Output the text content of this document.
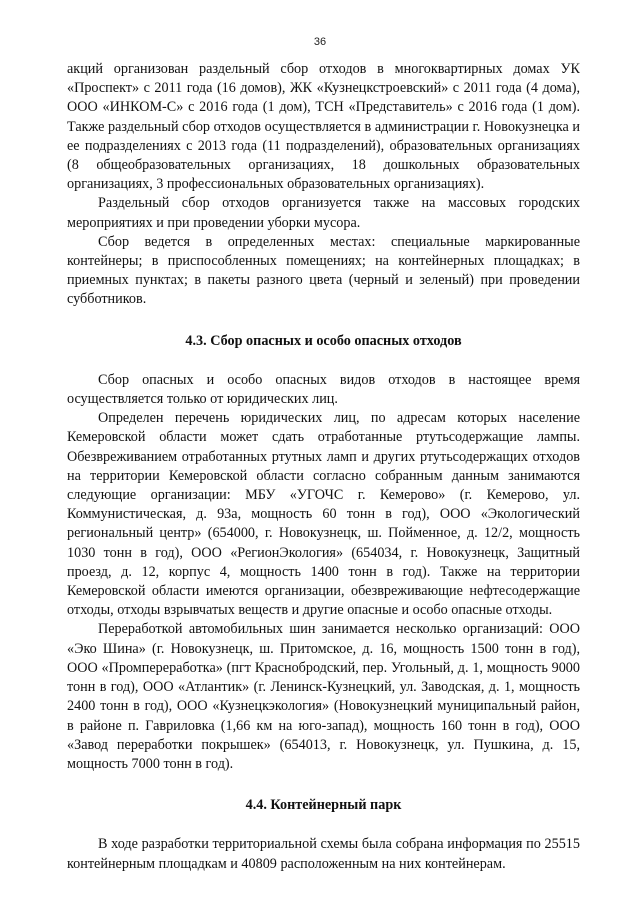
36

акций организован раздельный сбор отходов в многоквартирных домах УК «Проспект» с 2011 года (16 домов), ЖК «Кузнецкстроевский» с 2011 года (4 дома), ООО «ИНКОМ-С» с 2016 года (1 дом), ТСН «Представитель» с 2016 года (1 дом). Также раздельный сбор отходов осуществляется в администрации г. Новокузнецка и ее подразделениях с 2013 года (11 подразделений), образовательных организациях (8 общеобразовательных организациях, 18 дошкольных образовательных организациях, 3 профессиональных образовательных организациях).

Раздельный сбор отходов организуется также на массовых городских мероприятиях и при проведении уборки мусора.

Сбор ведется в определенных местах: специальные маркированные контейнеры; в приспособленных помещениях; на контейнерных площадках; в приемных пунктах; в пакеты разного цвета (черный и зеленый) при проведении субботников.

4.3. Сбор опасных и особо опасных отходов

Сбор опасных и особо опасных видов отходов в настоящее время осуществляется только от юридических лиц.

Определен перечень юридических лиц, по адресам которых население Кемеровской области может сдать отработанные ртутьсодержащие лампы. Обезвреживанием отработанных ртутных ламп и других ртутьсодержащих отходов на территории Кемеровской области согласно собранным данным занимаются следующие организации: МБУ «УГОЧС г. Кемерово» (г. Кемерово, ул. Коммунистическая, д. 93а, мощность 60 тонн в год), ООО «Экологический региональный центр» (654000, г. Новокузнецк, ш. Пойменное, д. 12/2, мощность 1030 тонн в год), ООО «РегионЭкология» (654034, г. Новокузнецк, Защитный проезд, д. 12, корпус 4, мощность 1400 тонн в год). Также на территории Кемеровской области имеются организации, обезвреживающие нефтесодержащие отходы, отходы взрывчатых веществ и другие опасные и особо опасные отходы.

Переработкой автомобильных шин занимается несколько организаций: ООО «Эко Шина» (г. Новокузнецк, ш. Притомское, д. 16, мощность 1500 тонн в год), ООО «Промпереработка» (пгт Краснобродский, пер. Угольный, д. 1, мощность 9000 тонн в год), ООО «Атлантик» (г. Ленинск-Кузнецкий, ул. Заводская, д. 1, мощность 2400 тонн в год), ООО «Кузнецкэкология» (Новокузнецкий муниципальный район, в районе п. Гавриловка (1,66 км на юго-запад), мощность 160 тонн в год), ООО «Завод переработки покрышек» (654013, г. Новокузнецк, ул. Пушкина, д. 15, мощность 7000 тонн в год).

4.4. Контейнерный парк

В ходе разработки территориальной схемы была собрана информация по 25515 контейнерным площадкам и 40809 расположенным на них контейнерам.
